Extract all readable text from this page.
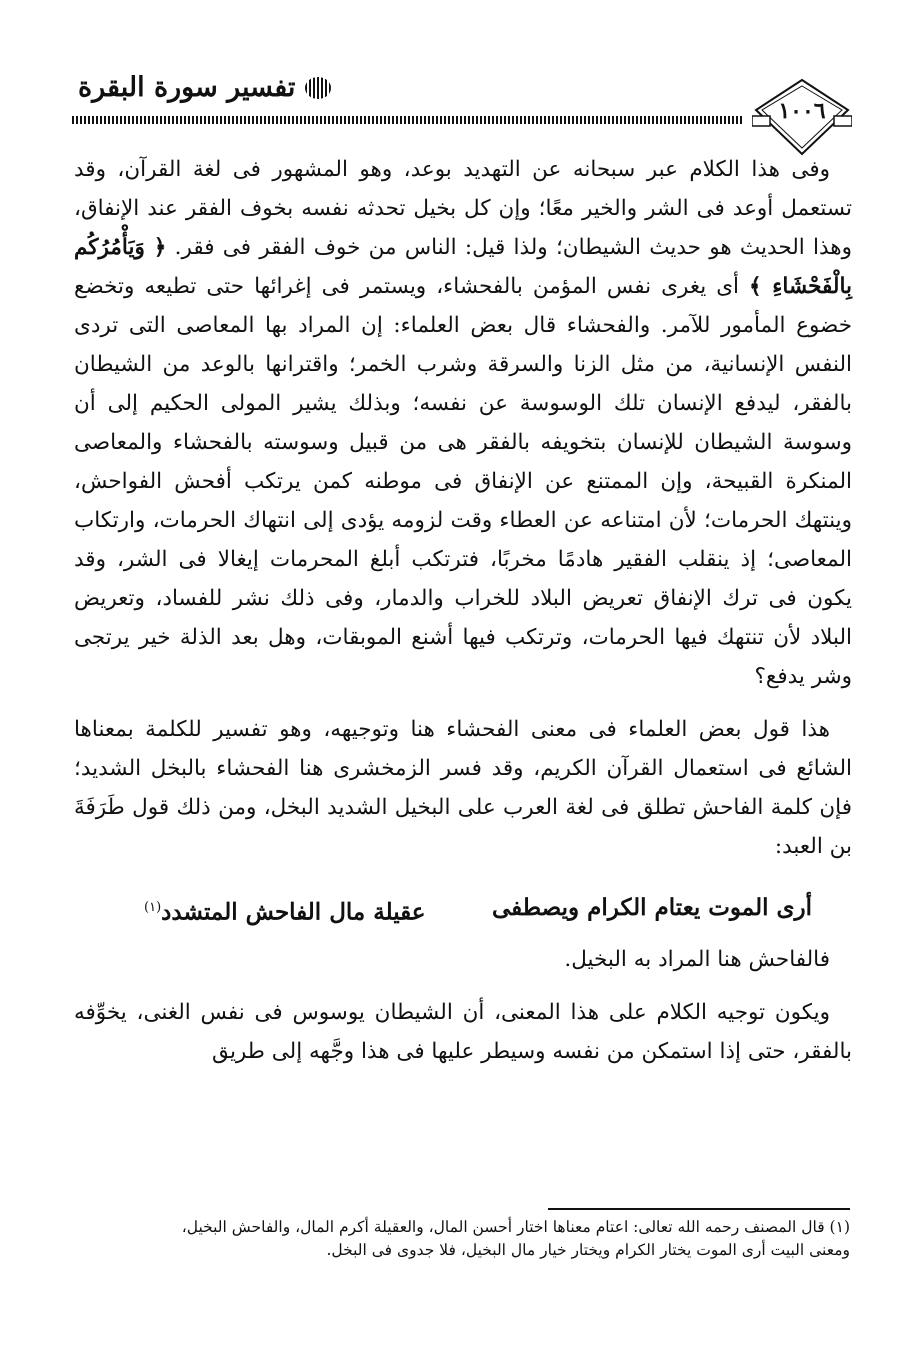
تفسير سورة البقرة
١٠٠٦

وفى هذا الكلام عبر سبحانه عن التهديد بوعد، وهو المشهور فى لغة القرآن، وقد تستعمل أوعد فى الشر والخير معًا؛ وإن كل بخيل تحدثه نفسه بخوف الفقر عند الإنفاق، وهذا الحديث هو حديث الشيطان؛ ولذا قيل: الناس من خوف الفقر فى فقر. ﴿ وَيَأْمُرُكُم بِالْفَحْشَاءِ ﴾ أى يغرى نفس المؤمن بالفحشاء، ويستمر فى إغرائها حتى تطيعه وتخضع خضوع المأمور للآمر. والفحشاء قال بعض العلماء: إن المراد بها المعاصى التى تردى النفس الإنسانية، من مثل الزنا والسرقة وشرب الخمر؛ واقترانها بالوعد من الشيطان بالفقر، ليدفع الإنسان تلك الوسوسة عن نفسه؛ وبذلك يشير المولى الحكيم إلى أن وسوسة الشيطان للإنسان بتخويفه بالفقر هى من قبيل وسوسته بالفحشاء والمعاصى المنكرة القبيحة، وإن الممتنع عن الإنفاق فى موطنه كمن يرتكب أفحش الفواحش، وينتهك الحرمات؛ لأن امتناعه عن العطاء وقت لزومه يؤدى إلى انتهاك الحرمات، وارتكاب المعاصى؛ إذ ينقلب الفقير هادمًا مخربًا، فترتكب أبلغ المحرمات إيغالا فى الشر، وقد يكون فى ترك الإنفاق تعريض البلاد للخراب والدمار، وفى ذلك نشر للفساد، وتعريض البلاد لأن تنتهك فيها الحرمات، وترتكب فيها أشنع الموبقات، وهل بعد الذلة خير يرتجى وشر يدفع؟

هذا قول بعض العلماء فى معنى الفحشاء هنا وتوجيهه، وهو تفسير للكلمة بمعناها الشائع فى استعمال القرآن الكريم، وقد فسر الزمخشرى هنا الفحشاء بالبخل الشديد؛ فإن كلمة الفاحش تطلق فى لغة العرب على البخيل الشديد البخل، ومن ذلك قول طَرَفَةَ بن العبد:

أرى الموت يعتام الكرام ويصطفى
عقيلة مال الفاحش المتشدد$^{(١)}$

فالفاحش هنا المراد به البخيل.

ويكون توجيه الكلام على هذا المعنى، أن الشيطان يوسوس فى نفس الغنى، يخوِّفه بالفقر، حتى إذا استمكن من نفسه وسيطر عليها فى هذا وجَّهه إلى طريق

(١) قال المصنف رحمه الله تعالى: اعتام معناها اختار أحسن المال، والعقيلة أكرم المال، والفاحش البخيل،

ومعنى البيت أرى الموت يختار الكرام ويختار خيار مال البخيل، فلا جدوى فى البخل.
